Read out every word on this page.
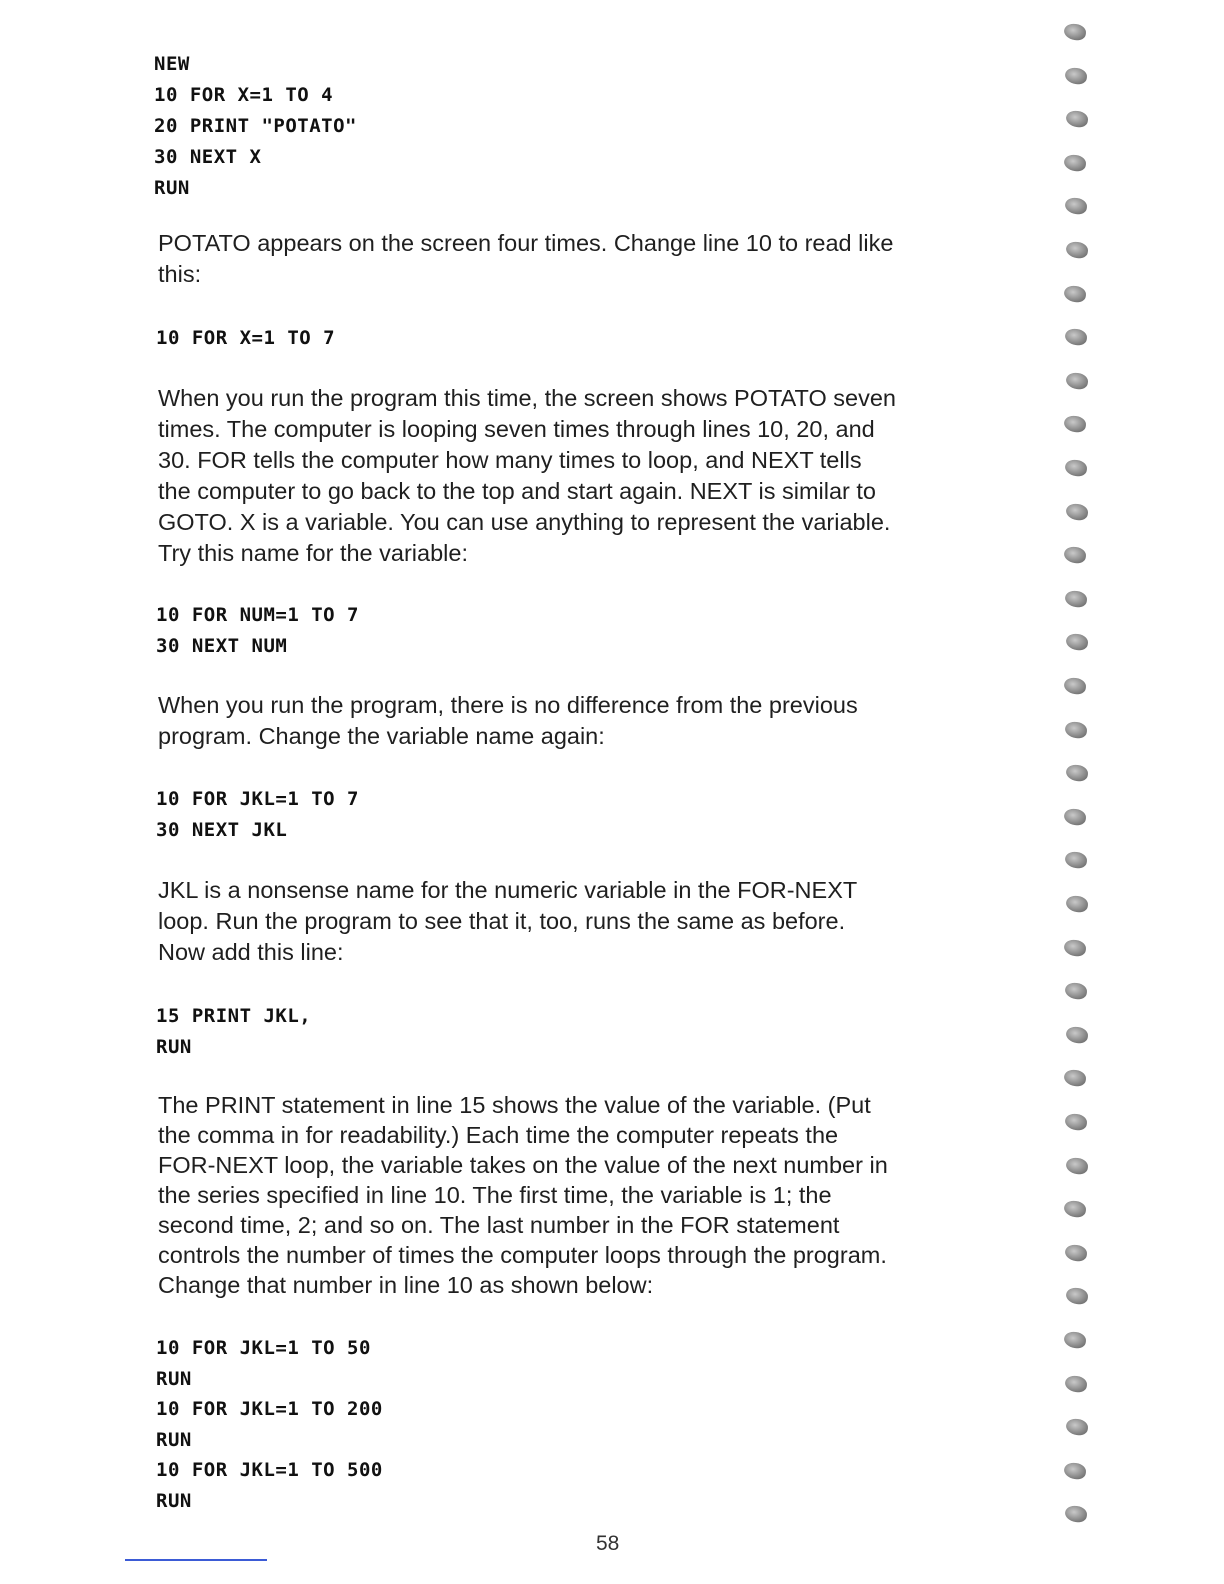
NEW
10 FOR X=1 TO 4
20 PRINT "POTATO"
30 NEXT X
RUN
POTATO appears on the screen four times. Change line 10 to read like
this:
10 FOR X=1 TO 7
When you run the program this time, the screen shows POTATO seven
times. The computer is looping seven times through lines 10, 20, and
30. FOR tells the computer how many times to loop, and NEXT tells
the computer to go back to the top and start again. NEXT is similar to
GOTO. X is a variable. You can use anything to represent the variable.
Try this name for the variable:
10 FOR NUM=1 TO 7
30 NEXT NUM
When you run the program, there is no difference from the previous
program. Change the variable name again:
10 FOR JKL=1 TO 7
30 NEXT JKL
JKL is a nonsense name for the numeric variable in the FOR-NEXT
loop. Run the program to see that it, too, runs the same as before.
Now add this line:
15 PRINT JKL,
RUN
The PRINT statement in line 15 shows the value of the variable. (Put
the comma in for readability.) Each time the computer repeats the
FOR-NEXT loop, the variable takes on the value of the next number in
the series specified in line 10. The first time, the variable is 1; the
second time, 2; and so on. The last number in the FOR statement
controls the number of times the computer loops through the program.
Change that number in line 10 as shown below:
10 FOR JKL=1 TO 50
RUN
10 FOR JKL=1 TO 200
RUN
10 FOR JKL=1 TO 500
RUN
58
